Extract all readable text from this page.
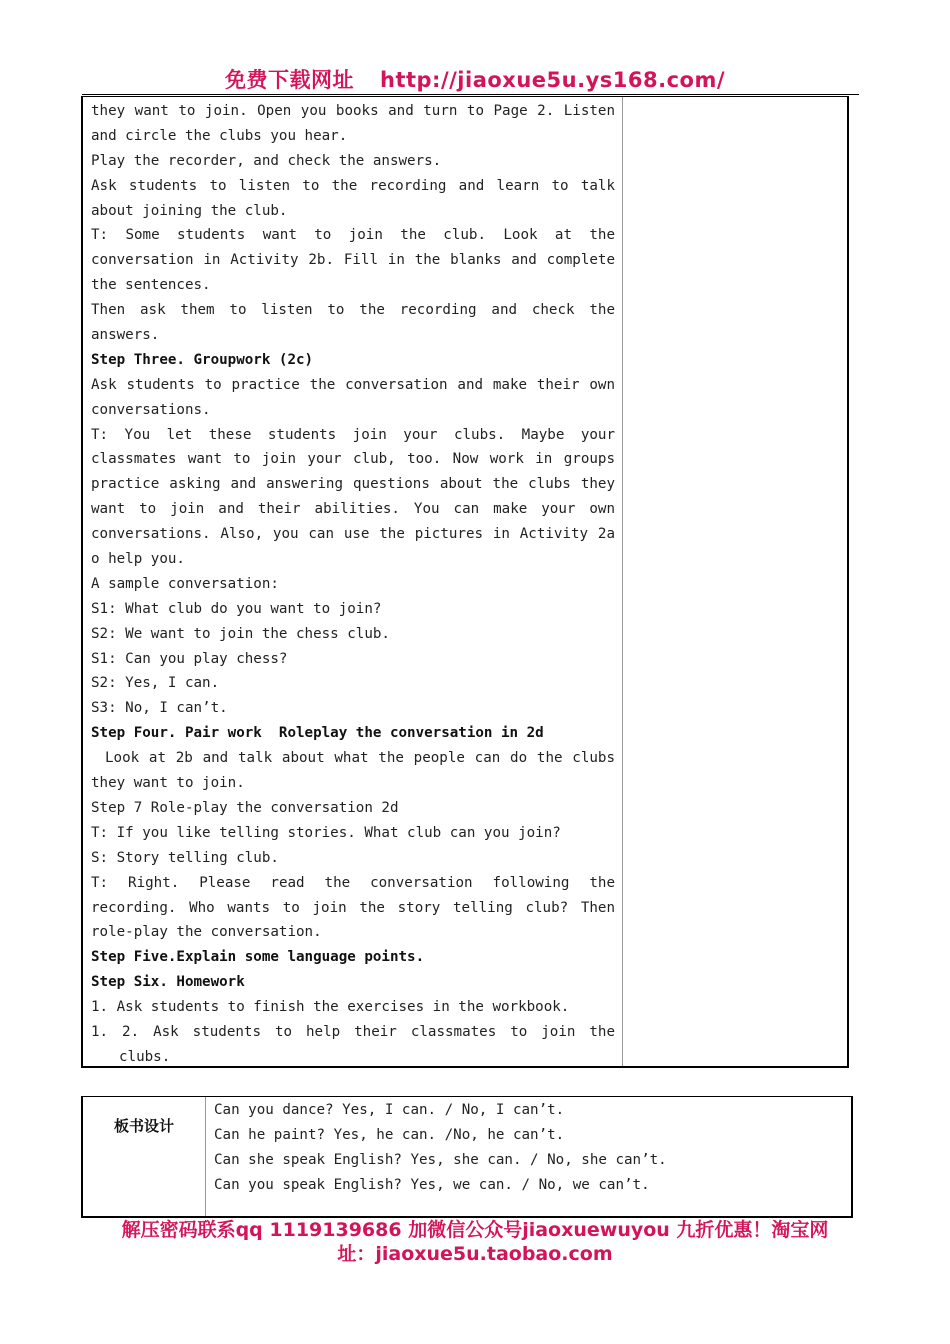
免费下载网址 http://jiaoxue5u.ys168.com/
they want to join. Open you books and turn to Page 2. Listen
and circle the clubs you hear.
Play the recorder, and check the answers.
Ask students to listen to the recording and learn to talk
about joining the club.
T: Some students want to join the club. Look at the
conversation in Activity 2b. Fill in the blanks and complete
the sentences.
Then ask them to listen to the recording and check the
answers.
Step Three. Groupwork (2c)
Ask students to practice the conversation and make their own
conversations.
T: You let these students join your clubs. Maybe your
classmates want to join your club, too. Now work in groups
practice asking and answering questions about the clubs they
want to join and their abilities. You can make your own
conversations. Also, you can use the pictures in Activity 2a
o help you.
A sample conversation:
S1: What club do you want to join?
S2: We want to join the chess club.
S1: Can you play chess?
S2: Yes, I can.
S3: No, I can’t.
Step Four. Pair work  Roleplay the conversation in 2d
Look at 2b and talk about what the people can do the clubs
they want to join.
Step 7 Role-play the conversation 2d
T: If you like telling stories. What club can you join?
S: Story telling club.
T: Right. Please read the conversation following the
recording. Who wants to join the story telling club? Then
role-play the conversation.
Step Five.Explain some language points.
Step Six. Homework
1. Ask students to finish the exercises in the workbook.
1. 2. Ask students to help their classmates to join the
clubs.
板书设计
Can you dance? Yes, I can. / No, I can’t.
Can he paint? Yes, he can. /No, he can’t.
Can she speak English? Yes, she can. / No, she can’t.
Can you speak English? Yes, we can. / No, we can’t.
解压密码联系qq 1119139686 加微信公众号jiaoxuewuyou 九折优惠！淘宝网
址：jiaoxue5u.taobao.com
